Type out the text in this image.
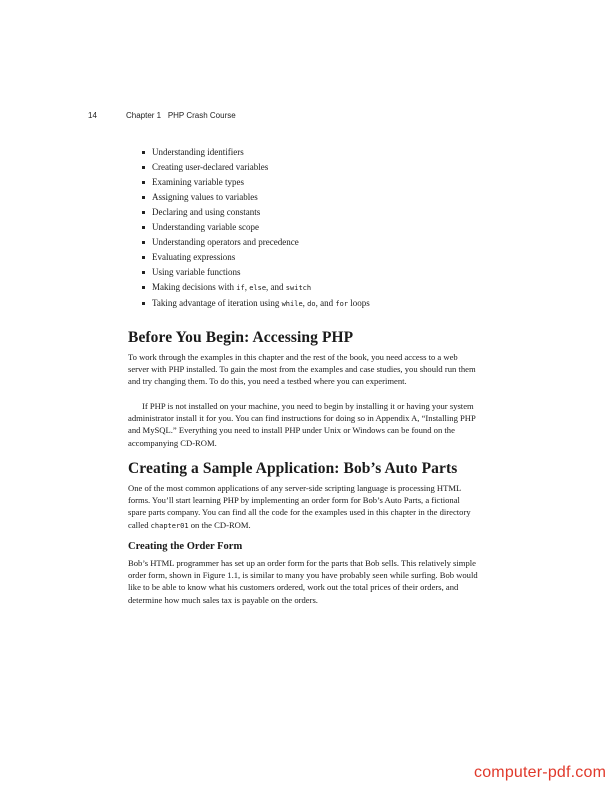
14	Chapter 1 PHP Crash Course
Understanding identifiers
Creating user-declared variables
Examining variable types
Assigning values to variables
Declaring and using constants
Understanding variable scope
Understanding operators and precedence
Evaluating expressions
Using variable functions
Making decisions with if, else, and switch
Taking advantage of iteration using while, do, and for loops
Before You Begin: Accessing PHP

To work through the examples in this chapter and the rest of the book, you need access to a web server with PHP installed. To gain the most from the examples and case studies, you should run them and try changing them. To do this, you need a testbed where you can experiment.

If PHP is not installed on your machine, you need to begin by installing it or having your system administrator install it for you. You can find instructions for doing so in Appendix A, “Installing PHP and MySQL.” Everything you need to install PHP under Unix or Windows can be found on the accompanying CD-ROM.

Creating a Sample Application: Bob’s Auto Parts

One of the most common applications of any server-side scripting language is processing HTML forms. You’ll start learning PHP by implementing an order form for Bob’s Auto Parts, a fictional spare parts company. You can find all the code for the examples used in this chapter in the directory called chapter01 on the CD-ROM.

Creating the Order Form

Bob’s HTML programmer has set up an order form for the parts that Bob sells. This relatively simple order form, shown in Figure 1.1, is similar to many you have probably seen while surfing. Bob would like to be able to know what his customers ordered, work out the total prices of their orders, and determine how much sales tax is payable on the orders.

computer-pdf.com
